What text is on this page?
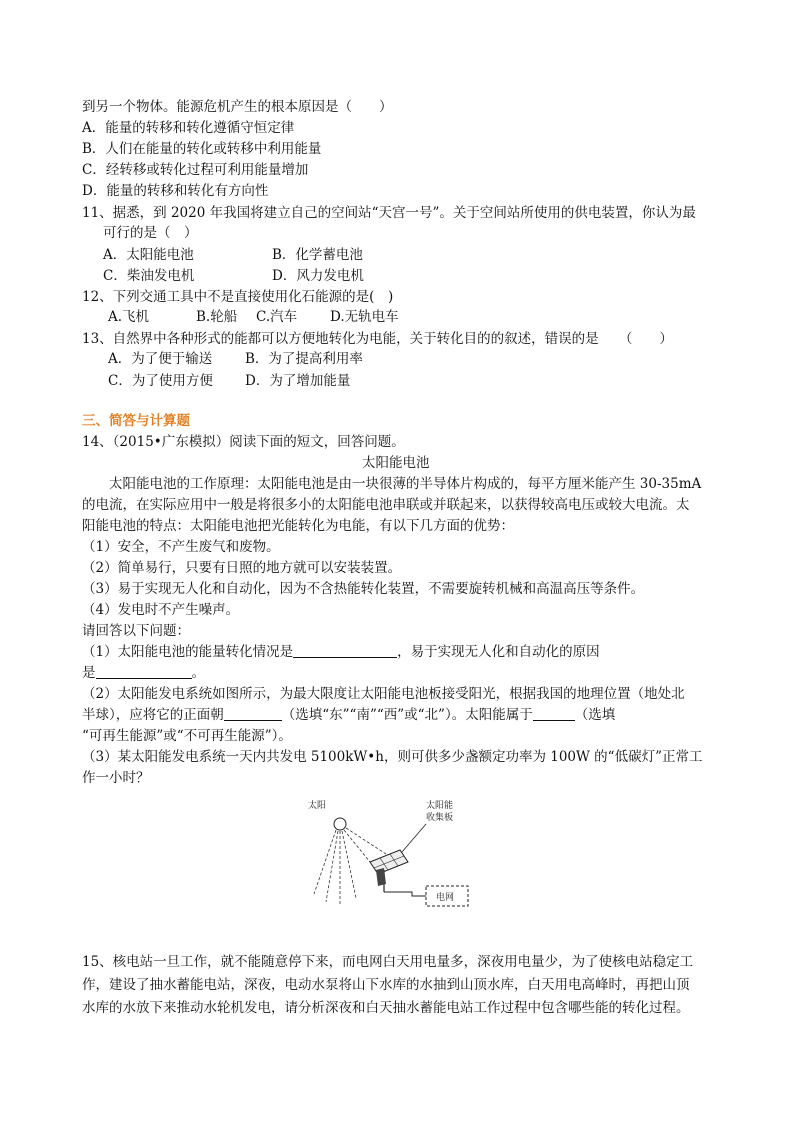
到另一个物体。能源危机产生的根本原因是（　　）
A．能量的转移和转化遵循守恒定律
B．人们在能量的转化或转移中利用能量
C．经转移或转化过程可利用能量增加
D．能量的转移和转化有方向性
11、据悉，到 2020 年我国将建立自己的空间站“天宫一号”。关于空间站所使用的供电装置，你认为最
可行的是（　）
A．太阳能电池	B．化学蓄电池
C．柴油发电机	D．风力发电机
12、下列交通工具中不是直接使用化石能源的是(　)
A.飞机	B.轮船 C.汽车 D.无轨电车
13、自然界中各种形式的能都可以方便地转化为电能，关于转化目的的叙述，错误的是　　（　　）
A．为了便于输送 B．为了提高利用率
C．为了使用方便 D．为了增加能量
三、简答与计算题
14、（2015•广东模拟）阅读下面的短文，回答问题。
太阳能电池
太阳能电池的工作原理：太阳能电池是由一块很薄的半导体片构成的，每平方厘米能产生 30-35mA
的电流，在实际应用中一般是将很多小的太阳能电池串联或并联起来，以获得较高电压或较大电流。太
阳能电池的特点：太阳能电池把光能转化为电能，有以下几方面的优势：
（1）安全，不产生废气和废物。
（2）简单易行，只要有日照的地方就可以安装装置。
（3）易于实现无人化和自动化，因为不含热能转化装置，不需要旋转机械和高温高压等条件。
（4）发电时不产生噪声。
请回答以下问题：
（1）太阳能电池的能量转化情况是	，易于实现无人化和自动化的原因
是	。
（2）太阳能发电系统如图所示，为最大限度让太阳能电池板接受阳光，根据我国的地理位置（地处北
半球），应将它的正面朝	（选填“东”“南”“西”或“北”）。太阳能属于	（选填
“可再生能源”或“不可再生能源”）。
（3）某太阳能发电系统一天内共发电 5100kW•h，则可供多少盏额定功率为 100W 的“低碳灯”正常工
作一小时？
太阳	太阳能
收集板
电网
15、核电站一旦工作，就不能随意停下来，而电网白天用电量多，深夜用电量少，为了使核电站稳定工
作，建设了抽水蓄能电站，深夜，电动水泵将山下水库的水抽到山顶水库，白天用电高峰时，再把山顶
水库的水放下来推动水轮机发电，请分析深夜和白天抽水蓄能电站工作过程中包含哪些能的转化过程。
